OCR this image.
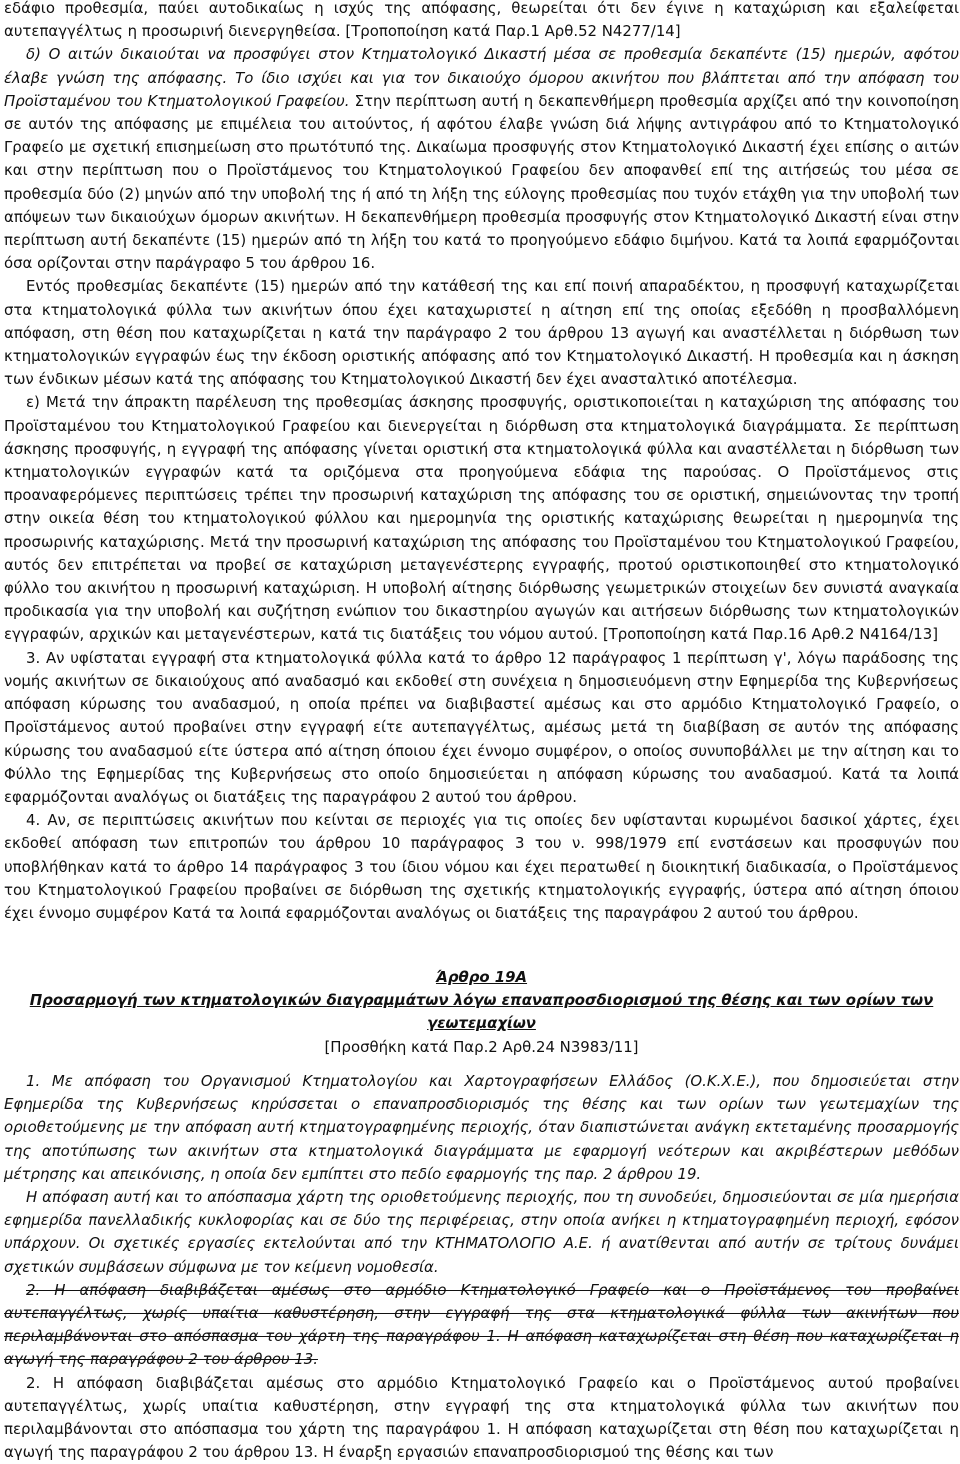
εδάφιο προθεσμία, παύει αυτοδικαίως η ισχύς της απόφασης, θεωρείται ότι δεν έγινε η καταχώριση και εξαλείφεται αυτεπαγγέλτως η προσωρινή διενεργηθείσα. [Τροποποίηση κατά Παρ.1 Αρθ.52 Ν4277/14]

δ) Ο αιτών δικαιούται να προσφύγει στον Κτηματολογικό Δικαστή μέσα σε προθεσμία δεκαπέντε (15) ημερών, αφότου έλαβε γνώση της απόφασης. Το ίδιο ισχύει και για τον δικαιούχο όμορου ακινήτου που βλάπτεται από την απόφαση του Προϊσταμένου του Κτηματολογικού Γραφείου. Στην περίπτωση αυτή η δεκαπενθήμερη προθεσμία αρχίζει από την κοινοποίηση σε αυτόν της απόφασης με επιμέλεια του αιτούντος, ή αφότου έλαβε γνώση διά λήψης αντιγράφου από το Κτηματολογικό Γραφείο με σχετική επισημείωση στο πρωτότυπό της. Δικαίωμα προσφυγής στον Κτηματολογικό Δικαστή έχει επίσης ο αιτών και στην περίπτωση που ο Προϊστάμενος του Κτηματολογικού Γραφείου δεν αποφανθεί επί της αιτήσεώς του μέσα σε προθεσμία δύο (2) μηνών από την υποβολή της ή από τη λήξη της εύλογης προθεσμίας που τυχόν ετάχθη για την υποβολή των απόψεων των δικαιούχων όμορων ακινήτων. Η δεκαπενθήμερη προθεσμία προσφυγής στον Κτηματολογικό Δικαστή είναι στην περίπτωση αυτή δεκαπέντε (15) ημερών από τη λήξη του κατά το προηγούμενο εδάφιο διμήνου. Κατά τα λοιπά εφαρμόζονται όσα ορίζονται στην παράγραφο 5 του άρθρου 16.

Εντός προθεσμίας δεκαπέντε (15) ημερών από την κατάθεσή της και επί ποινή απαραδέκτου, η προσφυγή καταχωρίζεται στα κτηματολογικά φύλλα των ακινήτων όπου έχει καταχωριστεί η αίτηση επί της οποίας εξεδόθη η προσβαλλόμενη απόφαση, στη θέση που καταχωρίζεται η κατά την παράγραφο 2 του άρθρου 13 αγωγή και αναστέλλεται η διόρθωση των κτηματολογικών εγγραφών έως την έκδοση οριστικής απόφασης από τον Κτηματολογικό Δικαστή. Η προθεσμία και η άσκηση των ένδικων μέσων κατά της απόφασης του Κτηματολογικού Δικαστή δεν έχει ανασταλτικό αποτέλεσμα.

ε) Μετά την άπρακτη παρέλευση της προθεσμίας άσκησης προσφυγής, οριστικοποιείται η καταχώριση της απόφασης του Προϊσταμένου του Κτηματολογικού Γραφείου και διενεργείται η διόρθωση στα κτηματολογικά διαγράμματα. Σε περίπτωση άσκησης προσφυγής, η εγγραφή της απόφασης γίνεται οριστική στα κτηματολογικά φύλλα και αναστέλλεται η διόρθωση των κτηματολογικών εγγραφών κατά τα οριζόμενα στα προηγούμενα εδάφια της παρούσας. Ο Προϊστάμενος στις προαναφερόμενες περιπτώσεις τρέπει την προσωρινή καταχώριση της απόφασης του σε οριστική, σημειώνοντας την τροπή στην οικεία θέση του κτηματολογικού φύλλου και ημερομηνία της οριστικής καταχώρισης θεωρείται η ημερομηνία της προσωρινής καταχώρισης. Μετά την προσωρινή καταχώριση της απόφασης του Προϊσταμένου του Κτηματολογικού Γραφείου, αυτός δεν επιτρέπεται να προβεί σε καταχώριση μεταγενέστερης εγγραφής, προτού οριστικοποιηθεί στο κτηματολογικό φύλλο του ακινήτου η προσωρινή καταχώριση. Η υποβολή αίτησης διόρθωσης γεωμετρικών στοιχείων δεν συνιστά αναγκαία προδικασία για την υποβολή και συζήτηση ενώπιον του δικαστηρίου αγωγών και αιτήσεων διόρθωσης των κτηματολογικών εγγραφών, αρχικών και μεταγενέστερων, κατά τις διατάξεις του νόμου αυτού. [Τροποποίηση κατά Παρ.16 Αρθ.2 Ν4164/13]

3. Αν υφίσταται εγγραφή στα κτηματολογικά φύλλα κατά το άρθρο 12 παράγραφος 1 περίπτωση γ', λόγω παράδοσης της νομής ακινήτων σε δικαιούχους από αναδασμό και εκδοθεί στη συνέχεια η δημοσιευόμενη στην Εφημερίδα της Κυβερνήσεως απόφαση κύρωσης του αναδασμού, η οποία πρέπει να διαβιβαστεί αμέσως και στο αρμόδιο Κτηματολογικό Γραφείο, ο Προϊστάμενος αυτού προβαίνει στην εγγραφή είτε αυτεπαγγέλτως, αμέσως μετά τη διαβίβαση σε αυτόν της απόφασης κύρωσης του αναδασμού είτε ύστερα από αίτηση όποιου έχει έννομο συμφέρον, ο οποίος συνυποβάλλει με την αίτηση και το Φύλλο της Εφημερίδας της Κυβερνήσεως στο οποίο δημοσιεύεται η απόφαση κύρωσης του αναδασμού. Κατά τα λοιπά εφαρμόζονται αναλόγως οι διατάξεις της παραγράφου 2 αυτού του άρθρου.

4. Αν, σε περιπτώσεις ακινήτων που κείνται σε περιοχές για τις οποίες δεν υφίστανται κυρωμένοι δασικοί χάρτες, έχει εκδοθεί απόφαση των επιτροπών του άρθρου 10 παράγραφος 3 του ν. 998/1979 επί ενστάσεων και προσφυγών που υποβλήθηκαν κατά το άρθρο 14 παράγραφος 3 του ίδιου νόμου και έχει περατωθεί η διοικητική διαδικασία, ο Προϊστάμενος του Κτηματολογικού Γραφείου προβαίνει σε διόρθωση της σχετικής κτηματολογικής εγγραφής, ύστερα από αίτηση όποιου έχει έννομο συμφέρον Κατά τα λοιπά εφαρμόζονται αναλόγως οι διατάξεις της παραγράφου 2 αυτού του άρθρου.

Άρθρο 19Α
Προσαρμογή των κτηματολογικών διαγραμμάτων λόγω επαναπροσδιορισμού της θέσης και των ορίων των γεωτεμαχίων
[Προσθήκη κατά Παρ.2 Αρθ.24 Ν3983/11]

1. Με απόφαση του Οργανισμού Κτηματολογίου και Χαρτογραφήσεων Ελλάδος (Ο.Κ.Χ.Ε.), που δημοσιεύεται στην Εφημερίδα της Κυβερνήσεως κηρύσσεται ο επαναπροσδιορισμός της θέσης και των ορίων των γεωτεμαχίων της οριοθετούμενης με την απόφαση αυτή κτηματογραφημένης περιοχής, όταν διαπιστώνεται ανάγκη εκτεταμένης προσαρμογής της αποτύπωσης των ακινήτων στα κτηματολογικά διαγράμματα με εφαρμογή νεότερων και ακριβέστερων μεθόδων μέτρησης και απεικόνισης, η οποία δεν εμπίπτει στο πεδίο εφαρμογής της παρ. 2 άρθρου 19.

Η απόφαση αυτή και το απόσπασμα χάρτη της οριοθετούμενης περιοχής, που τη συνοδεύει, δημοσιεύονται σε μία ημερήσια εφημερίδα πανελλαδικής κυκλοφορίας και σε δύο της περιφέρειας, στην οποία ανήκει η κτηματογραφημένη περιοχή, εφόσον υπάρχουν. Οι σχετικές εργασίες εκτελούνται από την ΚΤΗΜΑΤΟΛΟΓΙΟ Α.Ε. ή ανατίθενται από αυτήν σε τρίτους δυνάμει σχετικών συμβάσεων σύμφωνα με τον κείμενη νομοθεσία.

2. Η απόφαση διαβιβάζεται αμέσως στο αρμόδιο Κτηματολογικό Γραφείο και ο Προϊστάμενος του προβαίνει αυτεπαγγέλτως, χωρίς υπαίτια καθυστέρηση, στην εγγραφή της στα κτηματολογικά φύλλα των ακινήτων που περιλαμβάνονται στο απόσπασμα του χάρτη της παραγράφου 1. Η απόφαση καταχωρίζεται στη θέση που καταχωρίζεται η αγωγή της παραγράφου 2 του άρθρου 13.

2. Η απόφαση διαβιβάζεται αμέσως στο αρμόδιο Κτηματολογικό Γραφείο και ο Προϊστάμενος αυτού προβαίνει αυτεπαγγέλτως, χωρίς υπαίτια καθυστέρηση, στην εγγραφή της στα κτηματολογικά φύλλα των ακινήτων που περιλαμβάνονται στο απόσπασμα του χάρτη της παραγράφου 1. Η απόφαση καταχωρίζεται στη θέση που καταχωρίζεται η αγωγή της παραγράφου 2 του άρθρου 13. Η έναρξη εργασιών επαναπροσδιορισμού της θέσης και των
